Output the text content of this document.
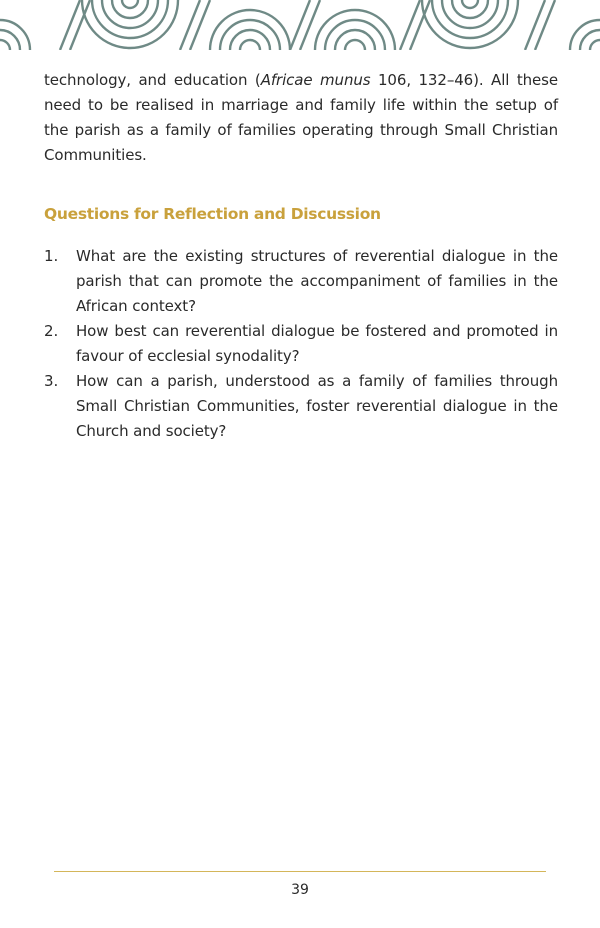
technology, and education (Africae munus 106, 132–46). All these need to be realised in marriage and family life within the setup of the parish as a family of families operating through Small Christian Communities.

Questions for Reflection and Discussion
1. What are the existing structures of reverential dialogue in the parish that can promote the accompaniment of families in the African context?
2. How best can reverential dialogue be fostered and promoted in favour of ecclesial synodality?
3. How can a parish, understood as a family of families through Small Christian Communities, foster reverential dialogue in the Church and society?
39
